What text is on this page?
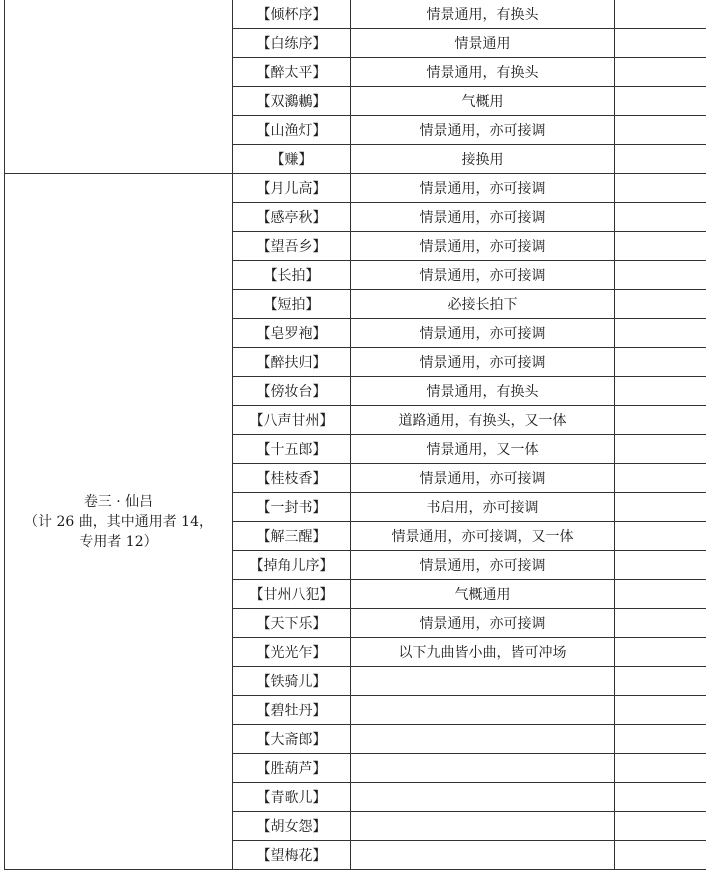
	【倾杯序】	情景通用，有换头	
	【白练序】	情景通用	
	【醉太平】	情景通用，有换头	
	【双鸂鶒】	气概用	
	【山渔灯】	情景通用，亦可接调	
	【赚】	接换用	

卷三 · 仙吕
（计 26 曲，其中通用者 14，
专用者 12）	【月儿高】	情景通用，亦可接调	
	【感亭秋】	情景通用，亦可接调	
	【望吾乡】	情景通用，亦可接调	
	【长拍】	情景通用，亦可接调	
	【短拍】	必接长拍下	
	【皂罗袍】	情景通用，亦可接调	
	【醉扶归】	情景通用，亦可接调	
	【傍妆台】	情景通用，有换头	
	【八声甘州】	道路通用，有换头，又一体	
	【十五郎】	情景通用，又一体	
	【桂枝香】	情景通用，亦可接调	
	【一封书】	书启用，亦可接调	
	【解三醒】	情景通用，亦可接调，又一体	
	【掉角儿序】	情景通用，亦可接调	
	【甘州八犯】	气概通用	
	【天下乐】	情景通用，亦可接调	
	【光光乍】	以下九曲皆小曲，皆可冲场	
	【铁骑儿】		
	【碧牡丹】		
	【大斋郎】		
	【胜葫芦】		
	【青歌儿】		
	【胡女怨】		
	【望梅花】		
